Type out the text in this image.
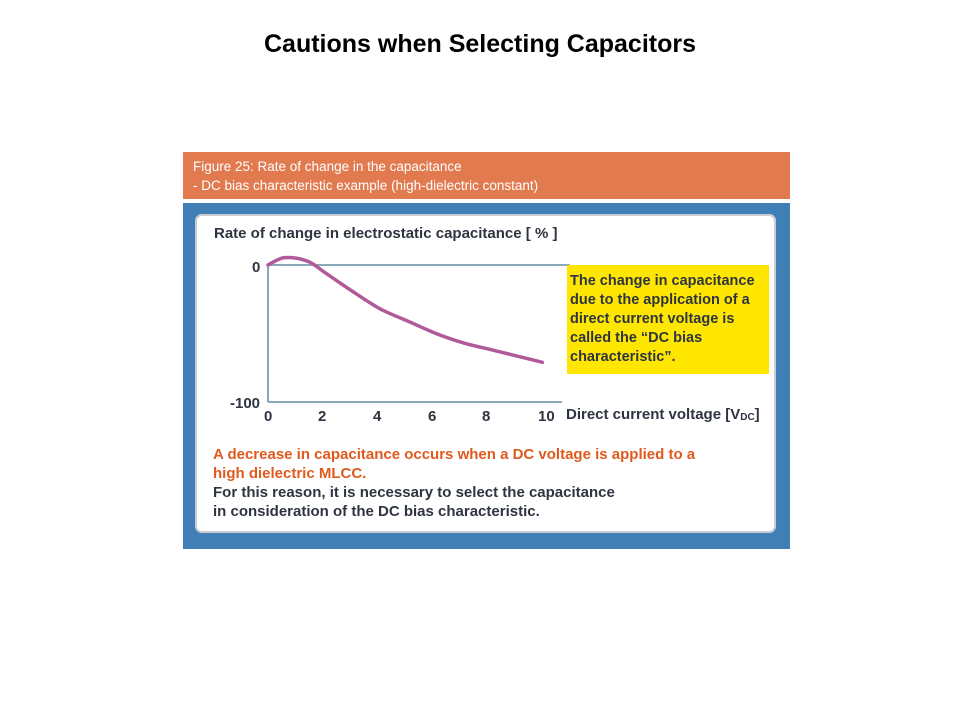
Cautions when Selecting Capacitors
Figure 25: Rate of change in the capacitance
- DC bias characteristic example (high-dielectric constant)
Rate of change in electrostatic capacitance [ % ]
0
-100
0	2	4	6	8	10 Direct current voltage $[V_{DC}]$
The change in capacitance due to the application of a direct current voltage is called the “DC bias characteristic”.
A decrease in capacitance occurs when a DC voltage is applied to a
high dielectric MLCC.
For this reason, it is necessary to select the capacitance
in consideration of the DC bias characteristic.
